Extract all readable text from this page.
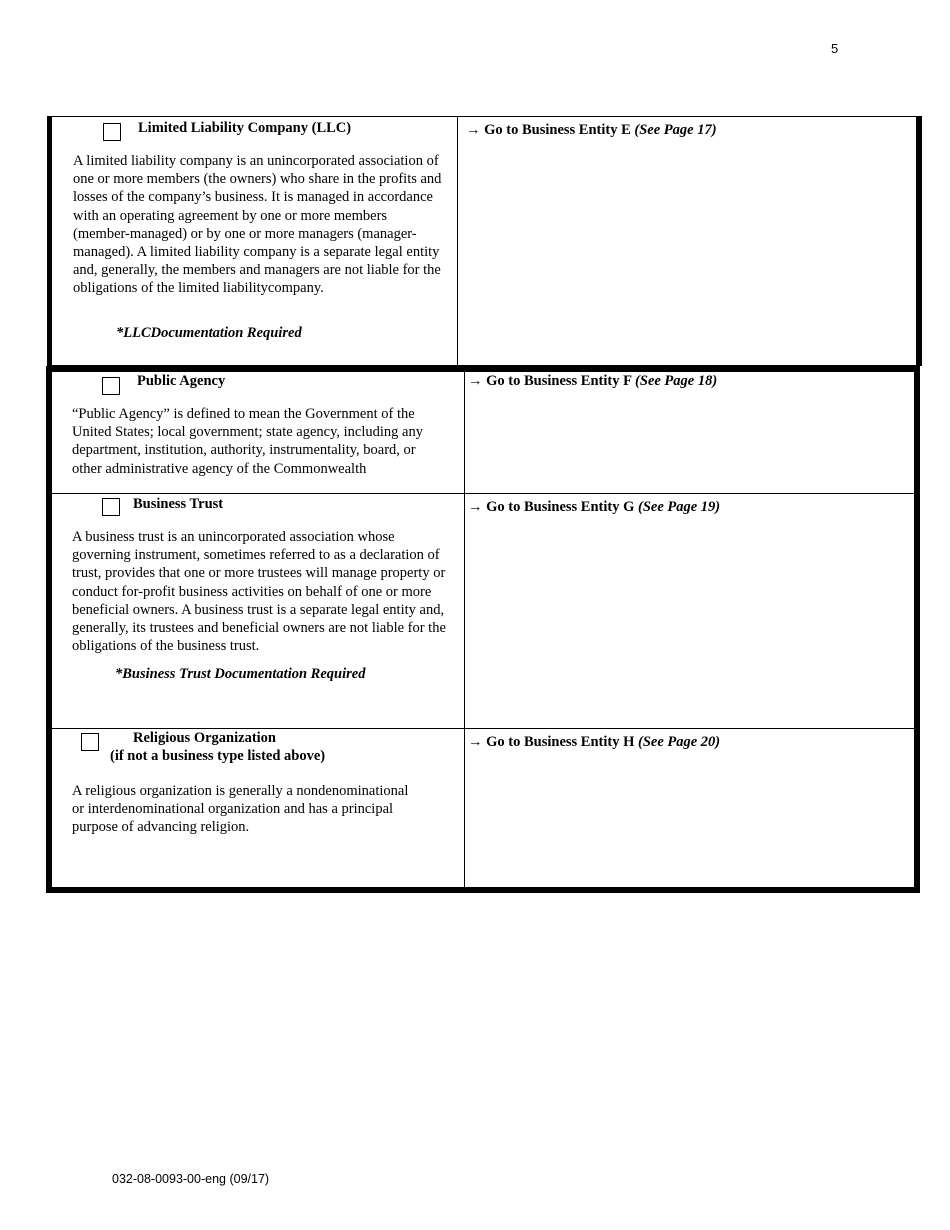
5
Limited Liability Company (LLC)
A limited liability company is an unincorporated association of one or more members (the owners) who share in the profits and losses of the company’s business. It is managed in accordance with an operating agreement by one or more members (member-managed) or by one or more managers (manager-managed). A limited liability company is a separate legal entity and, generally, the members and managers are not liable for the obligations of the limited liabilitycompany.
*LLCDocumentation Required
→ Go to Business Entity E (See Page 17)
Public Agency
“Public Agency” is defined to mean the Government of the United States; local government; state agency, including any department, institution, authority, instrumentality, board, or other administrative agency of the Commonwealth
→ Go to Business Entity F (See Page 18)
Business Trust
A business trust is an unincorporated association whose governing instrument, sometimes referred to as a declaration of trust, provides that one or more trustees will manage property or conduct for-profit business activities on behalf of one or more beneficial owners. A business trust is a separate legal entity and, generally, its trustees and beneficial owners are not liable for the obligations of the business trust.
*Business Trust Documentation Required
→ Go to Business Entity G (See Page 19)
Religious Organization
(if not a business type listed above)
A religious organization is generally a nondenominational or interdenominational organization and has a principal purpose of advancing religion.
→ Go to Business Entity H (See Page 20)
032-08-0093-00-eng (09/17)
